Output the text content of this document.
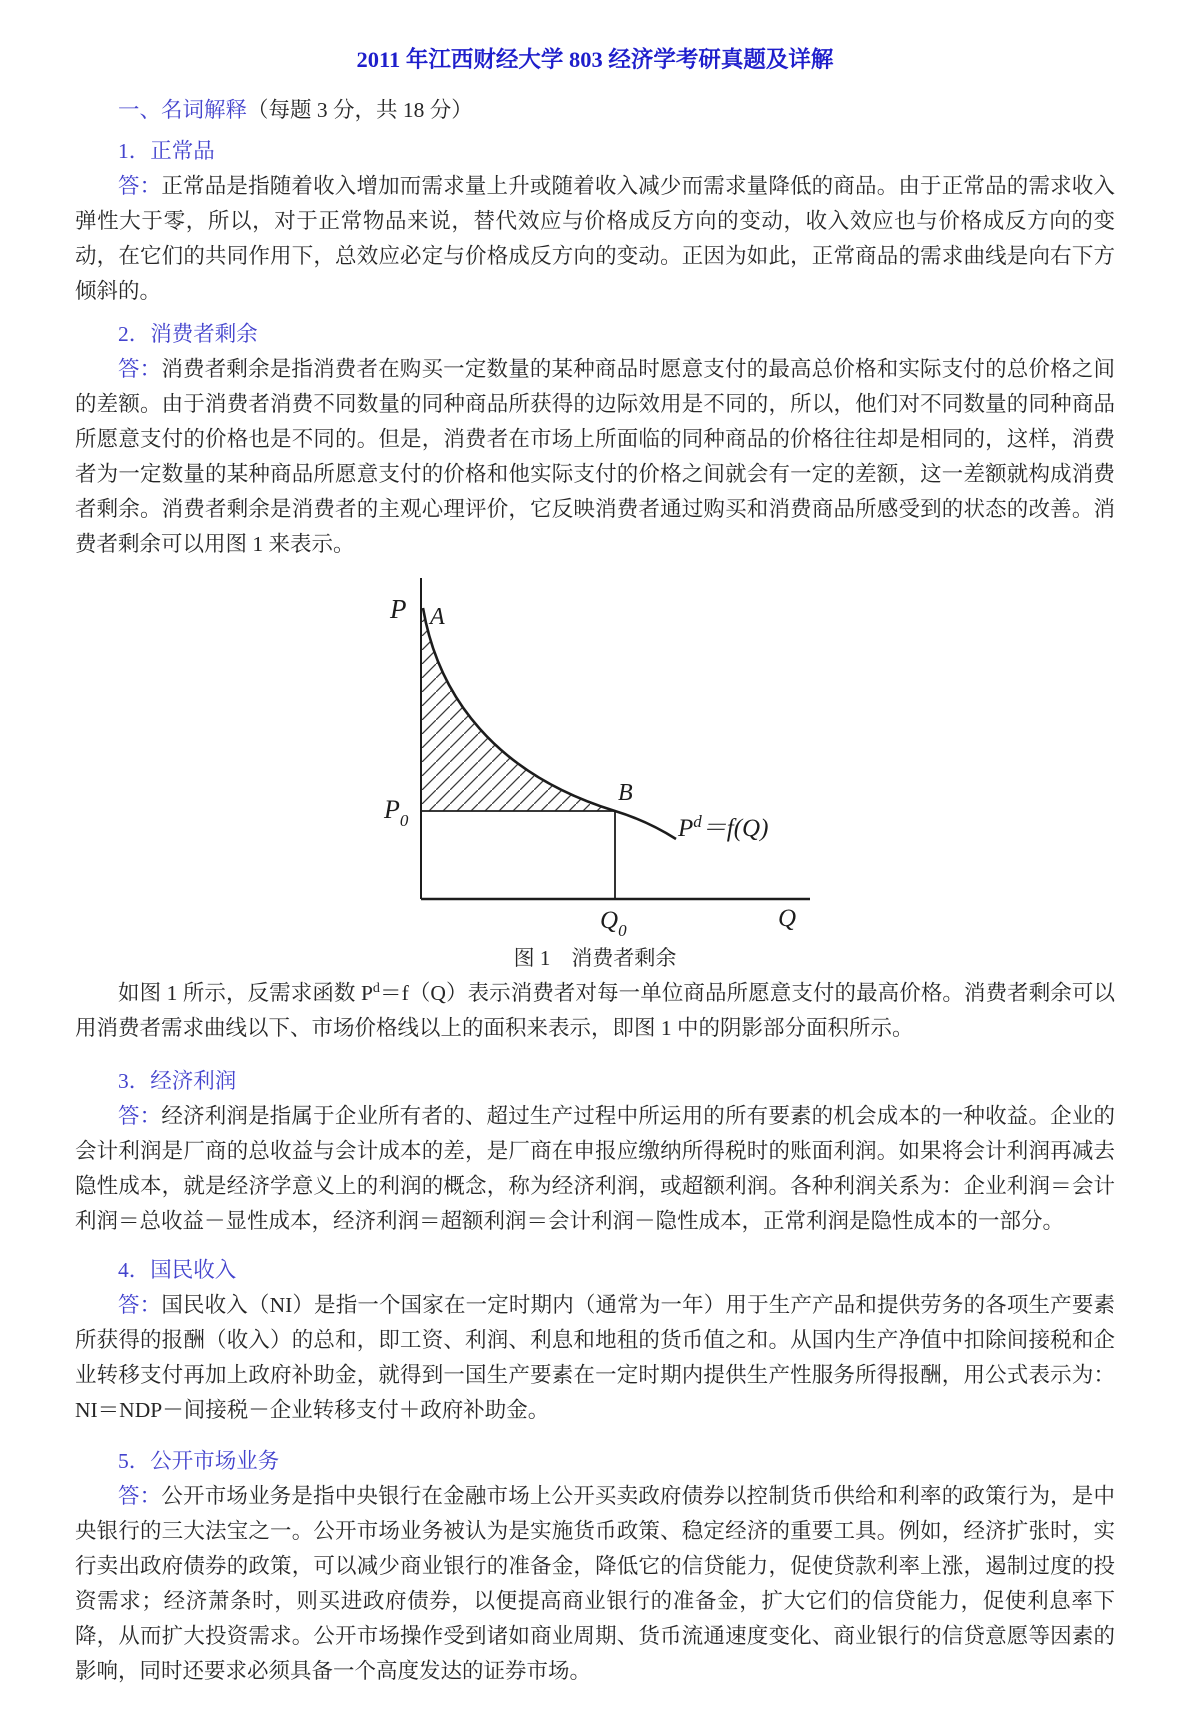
2011 年江西财经大学 803 经济学考研真题及详解

一、名词解释（每题 3 分，共 18 分）

1．正常品

答：正常品是指随着收入增加而需求量上升或随着收入减少而需求量降低的商品。由于正常品的需求收入弹性大于零，所以，对于正常物品来说，替代效应与价格成反方向的变动，收入效应也与价格成反方向的变动，在它们的共同作用下，总效应必定与价格成反方向的变动。正因为如此，正常商品的需求曲线是向右下方倾斜的。

2．消费者剩余

答：消费者剩余是指消费者在购买一定数量的某种商品时愿意支付的最高总价格和实际支付的总价格之间的差额。由于消费者消费不同数量的同种商品所获得的边际效用是不同的，所以，他们对不同数量的同种商品所愿意支付的价格也是不同的。但是，消费者在市场上所面临的同种商品的价格往往却是相同的，这样，消费者为一定数量的某种商品所愿意支付的价格和他实际支付的价格之间就会有一定的差额，这一差额就构成消费者剩余。消费者剩余是消费者的主观心理评价，它反映消费者通过购买和消费商品所感受到的状态的改善。消费者剩余可以用图 1 来表示。

P A
$P_0$
B
$P^d=f(Q)$
$Q_0$	Q

图 1　消费者剩余

如图 1 所示，反需求函数 $P^d=f(Q)$表示消费者对每一单位商品所愿意支付的最高价格。消费者剩余可以用消费者需求曲线以下、市场价格线以上的面积来表示，即图 1 中的阴影部分面积所示。

3．经济利润

答：经济利润是指属于企业所有者的、超过生产过程中所运用的所有要素的机会成本的一种收益。企业的会计利润是厂商的总收益与会计成本的差，是厂商在申报应缴纳所得税时的账面利润。如果将会计利润再减去隐性成本，就是经济学意义上的利润的概念，称为经济利润，或超额利润。各种利润关系为：企业利润＝会计利润＝总收益－显性成本，经济利润＝超额利润＝会计利润－隐性成本，正常利润是隐性成本的一部分。

4．国民收入

答：国民收入（NI）是指一个国家在一定时期内（通常为一年）用于生产产品和提供劳务的各项生产要素所获得的报酬（收入）的总和，即工资、利润、利息和地租的货币值之和。从国内生产净值中扣除间接税和企业转移支付再加上政府补助金，就得到一国生产要素在一定时期内提供生产性服务所得报酬，用公式表示为：NI＝NDP－间接税－企业转移支付＋政府补助金。

5．公开市场业务

答：公开市场业务是指中央银行在金融市场上公开买卖政府债券以控制货币供给和利率的政策行为，是中央银行的三大法宝之一。公开市场业务被认为是实施货币政策、稳定经济的重要工具。例如，经济扩张时，实行卖出政府债券的政策，可以减少商业银行的准备金，降低它的信贷能力，促使贷款利率上涨，遏制过度的投资需求；经济萧条时，则买进政府债券，以便提高商业银行的准备金，扩大它们的信贷能力，促使利息率下降，从而扩大投资需求。公开市场操作受到诸如商业周期、货币流通速度变化、商业银行的信贷意愿等因素的影响，同时还要求必须具备一个高度发达的证券市场。
